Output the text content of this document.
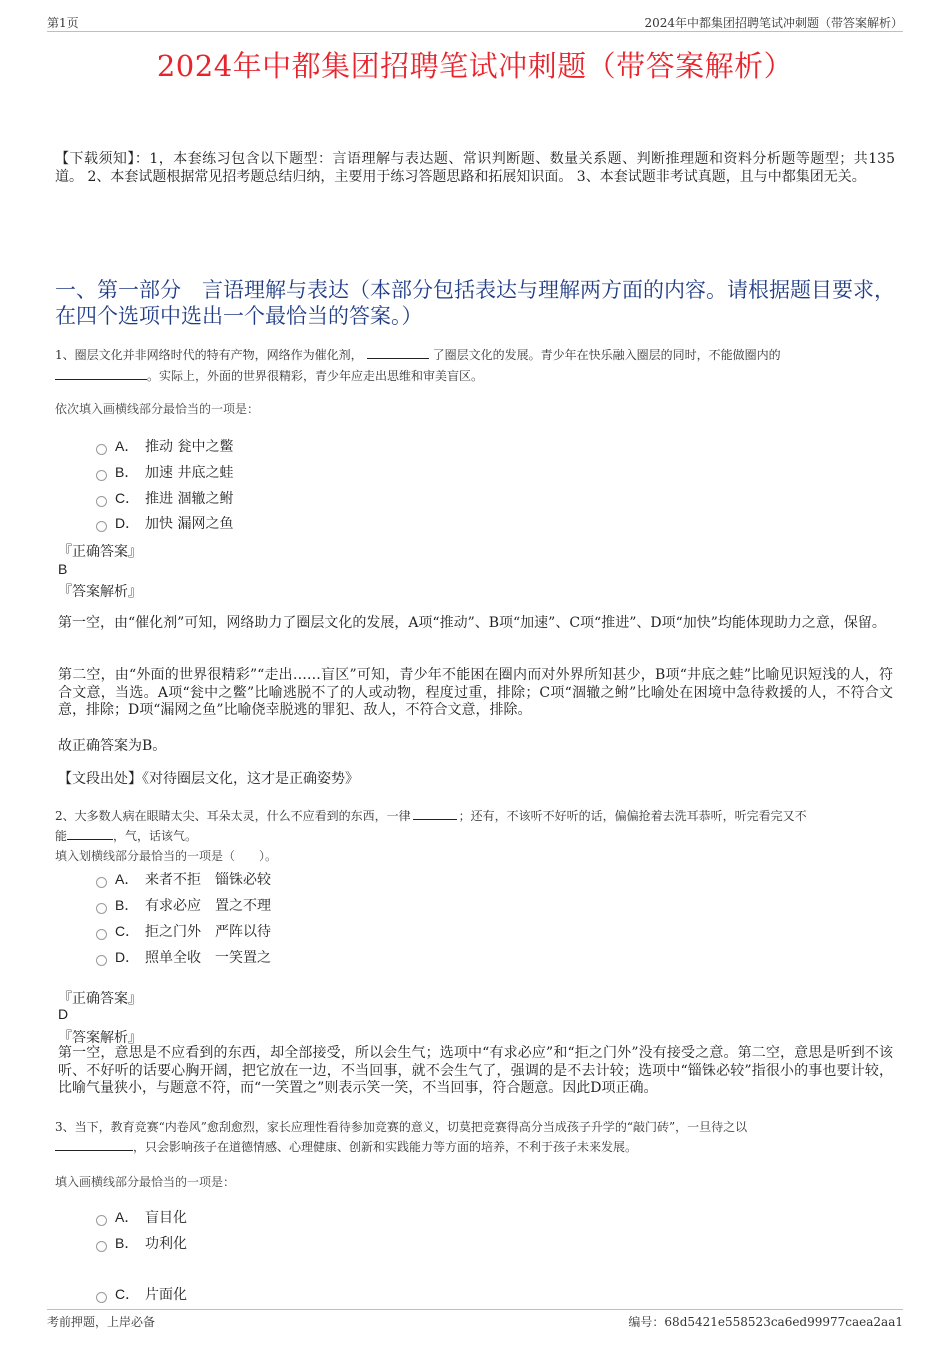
第1页	2024年中都集团招聘笔试冲刺题（带答案解析）
2024年中都集团招聘笔试冲刺题（带答案解析）
【下载须知】：1，本套练习包含以下题型：言语理解与表达题、常识判断题、数量关系题、判断推理题和资料分析题等题型；共135道。 2、本套试题根据常见招考题总结归纳，主要用于练习答题思路和拓展知识面。 3、本套试题非考试真题，且与中都集团无关。
一、第一部分　言语理解与表达（本部分包括表达与理解两方面的内容。请根据题目要求，在四个选项中选出一个最恰当的答案。）
1、圈层文化并非网络时代的特有产物，网络作为催化剂，	了圈层文化的发展。青少年在快乐融入圈层的同时，不能做圈内的
。实际上，外面的世界很精彩，青少年应走出思维和审美盲区。
依次填入画横线部分最恰当的一项是：
A． 推动 瓮中之鳖
B． 加速 井底之蛙
C． 推进 涸辙之鲋
D． 加快 漏网之鱼
『正确答案』
B
『答案解析』
第一空，由“催化剂”可知，网络助力了圈层文化的发展，A项“推动”、B项“加速”、C项“推进”、D项“加快”均能体现助力之意，保留。
第二空，由“外面的世界很精彩”“走出……盲区”可知，青少年不能困在圈内而对外界所知甚少，B项“井底之蛙”比喻见识短浅的人，符合文意，当选。A项“瓮中之鳖”比喻逃脱不了的人或动物，程度过重，排除；C项“涸辙之鲋”比喻处在困境中急待救援的人，不符合文意，排除；D项“漏网之鱼”比喻侥幸脱逃的罪犯、敌人，不符合文意，排除。
故正确答案为B。
【文段出处】《对待圈层文化，这才是正确姿势》
2、大多数人病在眼睛太尖、耳朵太灵，什么不应看到的东西，一律	；还有，不该听不好听的话，偏偏抢着去洗耳恭听，听完看完又不
能	，气，话该气。
填入划横线部分最恰当的一项是（　　）。
A． 来者不拒　锱铢必较
B． 有求必应　置之不理
C． 拒之门外　严阵以待
D． 照单全收　一笑置之
『正确答案』
D
『答案解析』
第一空，意思是不应看到的东西，却全部接受，所以会生气；选项中“有求必应”和“拒之门外”没有接受之意。第二空，意思是听到不该听、不好听的话要心胸开阔，把它放在一边，不当回事，就不会生气了，强调的是不去计较；选项中“锱铢必较”指很小的事也要计较，比喻气量狭小，与题意不符，而“一笑置之”则表示笑一笑，不当回事，符合题意。因此D项正确。
3、当下，教育竞赛“内卷风”愈刮愈烈，家长应理性看待参加竞赛的意义，切莫把竞赛得高分当成孩子升学的“敲门砖”，一旦待之以
，只会影响孩子在道德情感、心理健康、创新和实践能力等方面的培养，不利于孩子未来发展。
填入画横线部分最恰当的一项是：
A． 盲目化
B． 功利化
C． 片面化
考前押题，上岸必备	编号：68d5421e558523ca6ed99977caea2aa1
